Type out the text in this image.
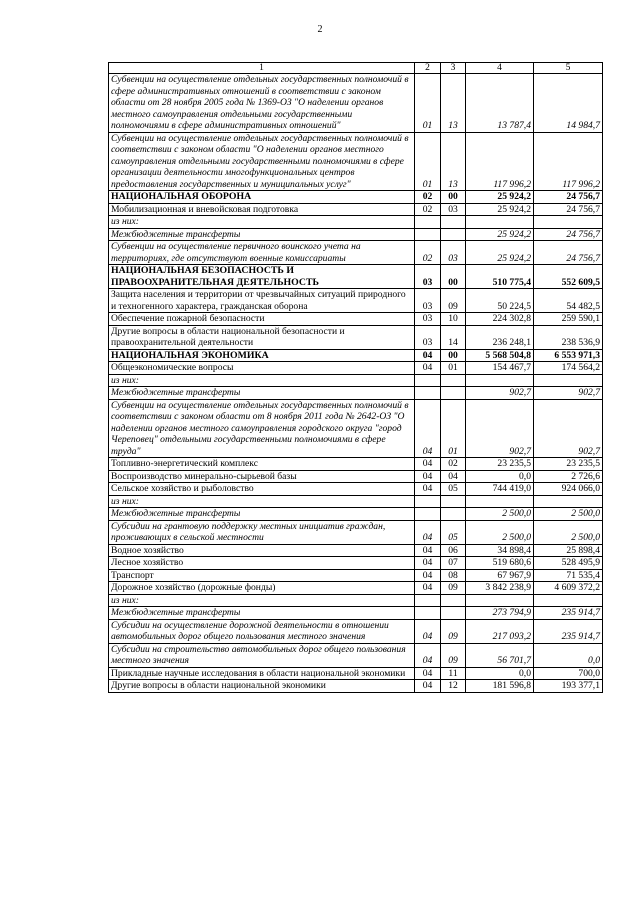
2
1	2	3	4	5
Субвенции на осуществление отдельных государственных полномочий в сфере административных отношений в соответствии с законом области от 28 ноября 2005 года № 1369-ОЗ "О наделении органов местного самоуправления отдельными государственными полномочиями в сфере административных отношений"	01	13	13 787,4	14 984,7
Субвенции на осуществление отдельных государственных полномочий в соответствии с законом области "О наделении органов местного самоуправления отдельными государственными полномочиями в сфере организации деятельности многофункциональных центров предоставления государственных и муниципальных услуг"	01	13	117 996,2	117 996,2
НАЦИОНАЛЬНАЯ ОБОРОНА	02	00	25 924,2	24 756,7
Мобилизационная и вневойсковая подготовка	02	03	25 924,2	24 756,7
из них:				
Межбюджетные трансферты			25 924,2	24 756,7
Субвенции на осуществление первичного воинского учета на территориях, где отсутствуют военные комиссариаты	02	03	25 924,2	24 756,7
НАЦИОНАЛЬНАЯ БЕЗОПАСНОСТЬ И ПРАВООХРАНИТЕЛЬНАЯ ДЕЯТЕЛЬНОСТЬ	03	00	510 775,4	552 609,5
Защита населения и территории от чрезвычайных ситуаций природного и техногенного характера, гражданская оборона	03	09	50 224,5	54 482,5
Обеспечение пожарной безопасности	03	10	224 302,8	259 590,1
Другие вопросы в области национальной безопасности и правоохранительной деятельности	03	14	236 248,1	238 536,9
НАЦИОНАЛЬНАЯ ЭКОНОМИКА	04	00	5 568 504,8	6 553 971,3
Общеэкономические вопросы	04	01	154 467,7	174 564,2
из них:				
Межбюджетные трансферты			902,7	902,7
Субвенции на осуществление отдельных государственных полномочий в соответствии с законом области от 8 ноября 2011 года № 2642-ОЗ "О наделении органов местного самоуправления городского округа "город Череповец" отдельными государственными полномочиями в сфере труда"	04	01	902,7	902,7
Топливно-энергетический комплекс	04	02	23 235,5	23 235,5
Воспроизводство минерально-сырьевой базы	04	04	0,0	2 726,6
Сельское хозяйство и рыболовство	04	05	744 419,0	924 066,0
из них:				
Межбюджетные трансферты			2 500,0	2 500,0
Субсидии на грантовую поддержку местных инициатив граждан, проживающих в сельской местности	04	05	2 500,0	2 500,0
Водное хозяйство	04	06	34 898,4	25 898,4
Лесное хозяйство	04	07	519 680,6	528 495,9
Транспорт	04	08	67 967,9	71 535,4
Дорожное хозяйство (дорожные фонды)	04	09	3 842 238,9	4 609 372,2
из них:				
Межбюджетные трансферты			273 794,9	235 914,7
Субсидии на осуществление дорожной деятельности в отношении автомобильных дорог общего пользования местного значения	04	09	217 093,2	235 914,7
Субсидии на строительство автомобильных дорог общего пользования местного значения	04	09	56 701,7	0,0
Прикладные научные исследования в области национальной экономики	04	11	0,0	700,0
Другие вопросы в области национальной экономики	04	12	181 596,8	193 377,1
